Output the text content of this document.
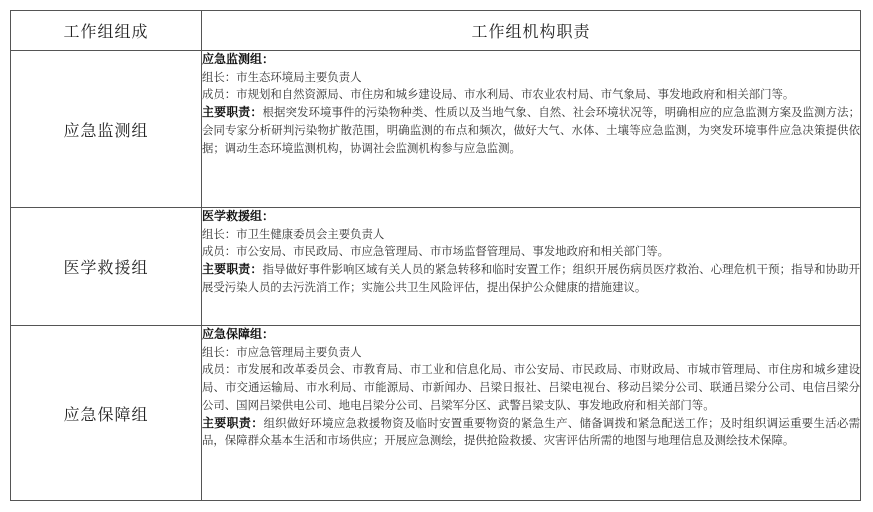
工作组组成	工作组机构职责
应急监测组	应急监测组：
组长：市生态环境局主要负责人
成员：市规划和自然资源局、市住房和城乡建设局、市水利局、市农业农村局、市气象局、事发地政府和相关部门等。
主要职责：根据突发环境事件的污染物种类、性质以及当地气象、自然、社会环境状况等，明确相应的应急监测方案及监测方法；会同专家分析研判污染物扩散范围，明确监测的布点和频次，做好大气、水体、土壤等应急监测，为突发环境事件应急决策提供依据；调动生态环境监测机构，协调社会监测机构参与应急监测。

医学救援组	医学救援组：
组长：市卫生健康委员会主要负责人
成员：市公安局、市民政局、市应急管理局、市市场监督管理局、事发地政府和相关部门等。
主要职责：指导做好事件影响区域有关人员的紧急转移和临时安置工作；组织开展伤病员医疗救治、心理危机干预；指导和协助开展受污染人员的去污洗消工作；实施公共卫生风险评估，提出保护公众健康的措施建议。

应急保障组	应急保障组：
组长：市应急管理局主要负责人
成员：市发展和改革委员会、市教育局、市工业和信息化局、市公安局、市民政局、市财政局、市城市管理局、市住房和城乡建设局、市交通运输局、市水利局、市能源局、市新闻办、吕梁日报社、吕梁电视台、移动吕梁分公司、联通吕梁分公司、电信吕梁分公司、国网吕梁供电公司、地电吕梁分公司、吕梁军分区、武警吕梁支队、事发地政府和相关部门等。
主要职责：组织做好环境应急救援物资及临时安置重要物资的紧急生产、储备调拨和紧急配送工作；及时组织调运重要生活必需品，保障群众基本生活和市场供应；开展应急测绘，提供抢险救援、灾害评估所需的地图与地理信息及测绘技术保障。
